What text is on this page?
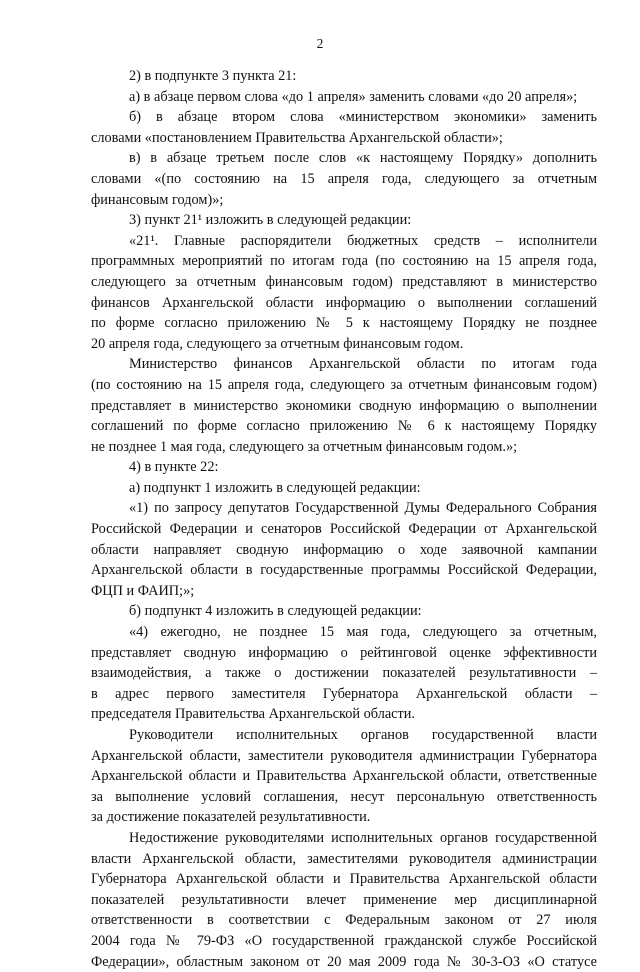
2
2) в подпункте 3 пункта 21:
а) в абзаце первом слова «до 1 апреля» заменить словами «до 20 апреля»;
б) в абзаце втором слова «министерством экономики» заменить
словами «постановлением Правительства Архангельской области»;
в) в абзаце третьем после слов «к настоящему Порядку» дополнить
словами «(по состоянию на 15 апреля года, следующего за отчетным
финансовым годом)»;
3) пункт 21¹ изложить в следующей редакции:
«21¹. Главные распорядители бюджетных средств – исполнители
программных мероприятий по итогам года (по состоянию на 15 апреля года,
следующего за отчетным финансовым годом) представляют в министерство
финансов Архангельской области информацию о выполнении соглашений
по форме согласно приложению № 5 к настоящему Порядку не позднее
20 апреля года, следующего за отчетным финансовым годом.
Министерство финансов Архангельской области по итогам года
(по состоянию на 15 апреля года, следующего за отчетным финансовым годом)
представляет в министерство экономики сводную информацию о выполнении
соглашений по форме согласно приложению № 6 к настоящему Порядку
не позднее 1 мая года, следующего за отчетным финансовым годом.»;
4) в пункте 22:
а) подпункт 1 изложить в следующей редакции:
«1) по запросу депутатов Государственной Думы Федерального Собрания
Российской Федерации и сенаторов Российской Федерации от Архангельской
области направляет сводную информацию о ходе заявочной кампании
Архангельской области в государственные программы Российской Федерации,
ФЦП и ФАИП;»;
б) подпункт 4 изложить в следующей редакции:
«4) ежегодно, не позднее 15 мая года, следующего за отчетным,
представляет сводную информацию о рейтинговой оценке эффективности
взаимодействия, а также о достижении показателей результативности –
в адрес первого заместителя Губернатора Архангельской области –
председателя Правительства Архангельской области.
Руководители исполнительных органов государственной власти
Архангельской области, заместители руководителя администрации Губернатора
Архангельской области и Правительства Архангельской области, ответственные
за выполнение условий соглашения, несут персональную ответственность
за достижение показателей результативности.
Недостижение руководителями исполнительных органов государственной
власти Архангельской области, заместителями руководителя администрации
Губернатора Архангельской области и Правительства Архангельской области
показателей результативности влечет применение мер дисциплинарной
ответственности в соответствии с Федеральным законом от 27 июля
2004 года № 79-ФЗ «О государственной гражданской службе Российской
Федерации», областным законом от 20 мая 2009 года № 30-3-ОЗ «О статусе
